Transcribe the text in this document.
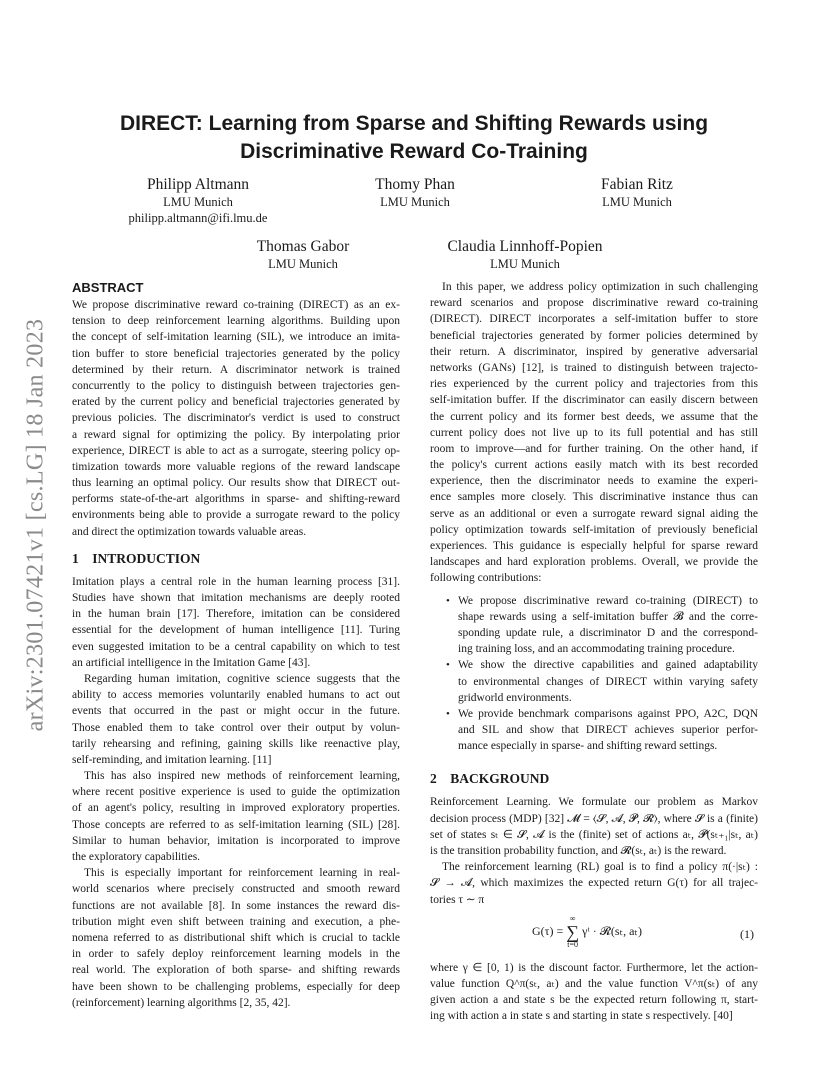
arXiv:2301.07421v1 [cs.LG] 18 Jan 2023
DIRECT: Learning from Sparse and Shifting Rewards using
Discriminative Reward Co-Training
Philipp Altmann
LMU Munich
philipp.altmann@ifi.lmu.de
Thomy Phan
LMU Munich
Fabian Ritz
LMU Munich
Thomas Gabor
LMU Munich
Claudia Linnhoff-Popien
LMU Munich
ABSTRACT
We propose discriminative reward co-training (DIRECT) as an ex-
tension to deep reinforcement learning algorithms. Building upon
the concept of self-imitation learning (SIL), we introduce an imita-
tion buffer to store beneficial trajectories generated by the policy
determined by their return. A discriminator network is trained
concurrently to the policy to distinguish between trajectories gen-
erated by the current policy and beneficial trajectories generated by
previous policies. The discriminator's verdict is used to construct
a reward signal for optimizing the policy. By interpolating prior
experience, DIRECT is able to act as a surrogate, steering policy op-
timization towards more valuable regions of the reward landscape
thus learning an optimal policy. Our results show that DIRECT out-
performs state-of-the-art algorithms in sparse- and shifting-reward
environments being able to provide a surrogate reward to the policy
and direct the optimization towards valuable areas.
1 INTRODUCTION
Imitation plays a central role in the human learning process [31].
Studies have shown that imitation mechanisms are deeply rooted
in the human brain [17]. Therefore, imitation can be considered
essential for the development of human intelligence [11]. Turing
even suggested imitation to be a central capability on which to test
an artificial intelligence in the Imitation Game [43].
Regarding human imitation, cognitive science suggests that the
ability to access memories voluntarily enabled humans to act out
events that occurred in the past or might occur in the future.
Those enabled them to take control over their output by volun-
tarily rehearsing and refining, gaining skills like reenactive play,
self-reminding, and imitation learning. [11]
This has also inspired new methods of reinforcement learning,
where recent positive experience is used to guide the optimization
of an agent's policy, resulting in improved exploratory properties.
Those concepts are referred to as self-imitation learning (SIL) [28].
Similar to human behavior, imitation is incorporated to improve
the exploratory capabilities.
This is especially important for reinforcement learning in real-
world scenarios where precisely constructed and smooth reward
functions are not available [8]. In some instances the reward dis-
tribution might even shift between training and execution, a phe-
nomena referred to as distributional shift which is crucial to tackle
in order to safely deploy reinforcement learning models in the
real world. The exploration of both sparse- and shifting rewards
have been shown to be challenging problems, especially for deep
(reinforcement) learning algorithms [2, 35, 42].
In this paper, we address policy optimization in such challenging
reward scenarios and propose discriminative reward co-training
(DIRECT). DIRECT incorporates a self-imitation buffer to store
beneficial trajectories generated by former policies determined by
their return. A discriminator, inspired by generative adversarial
networks (GANs) [12], is trained to distinguish between trajecto-
ries experienced by the current policy and trajectories from this
self-imitation buffer. If the discriminator can easily discern between
the current policy and its former best deeds, we assume that the
current policy does not live up to its full potential and has still
room to improve—and for further training. On the other hand, if
the policy's current actions easily match with its best recorded
experience, then the discriminator needs to examine the experi-
ence samples more closely. This discriminative instance thus can
serve as an additional or even a surrogate reward signal aiding the
policy optimization towards self-imitation of previously beneficial
experiences. This guidance is especially helpful for sparse reward
landscapes and hard exploration problems. Overall, we provide the
following contributions:
• We propose discriminative reward co-training (DIRECT) to
shape rewards using a self-imitation buffer 𝓑 and the corre-
sponding update rule, a discriminator D and the correspond-
ing training loss, and an accommodating training procedure.
• We show the directive capabilities and gained adaptability
to environmental changes of DIRECT within varying safety
gridworld environments.
• We provide benchmark comparisons against PPO, A2C, DQN
and SIL and show that DIRECT achieves superior perfor-
mance especially in sparse- and shifting reward settings.
2 BACKGROUND
Reinforcement Learning. We formulate our problem as Markov
decision process (MDP) [32] 𝓜 = ⟨𝓢, 𝓐, 𝓟, 𝓡⟩, where 𝓢 is a (finite)
set of states sₜ ∈ 𝓢, 𝓐 is the (finite) set of actions aₜ, 𝓟(sₜ₊₁|sₜ, aₜ)
is the transition probability function, and 𝓡(sₜ, aₜ) is the reward.
The reinforcement learning (RL) goal is to find a policy π(·|sₜ) :
𝓢 → 𝓐, which maximizes the expected return G(τ) for all trajec-
tories τ ∼ π
G(τ) =
∞
∑
t=0
γᵗ · 𝓡(sₜ, aₜ)	(1)
where γ ∈ [0, 1) is the discount factor. Furthermore, let the action-
value function Q^π(sₜ, aₜ) and the value function V^π(sₜ) of any
given action a and state s be the expected return following π, start-
ing with action a in state s and starting in state s respectively. [40]
